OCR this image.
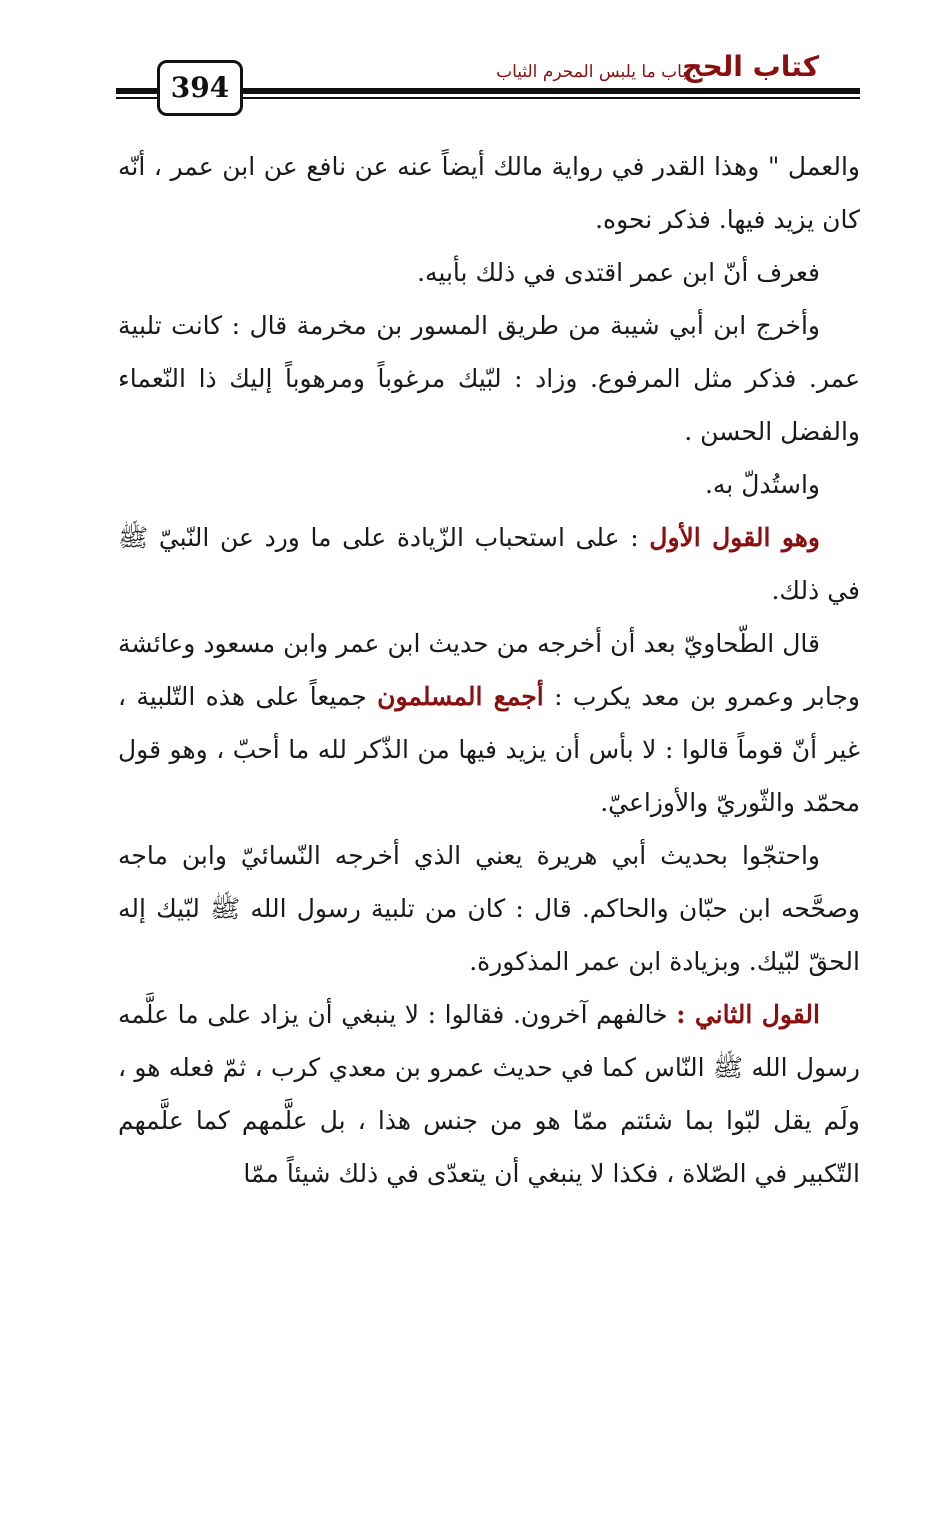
كتاب الحج
باب ما يلبس المحرم الثياب
394

والعمل " وهذا القدر في رواية مالك أيضاً عنه عن نافع عن ابن عمر ، أنّه كان يزيد فيها. فذكر نحوه.

فعرف أنّ ابن عمر اقتدى في ذلك بأبيه.

وأخرج ابن أبي شيبة من طريق المسور بن مخرمة قال : كانت تلبية عمر. فذكر مثل المرفوع. وزاد : لبّيك مرغوباً ومرهوباً إليك ذا النّعماء والفضل الحسن .

واستُدلّ به.

وهو القول الأول : على استحباب الزّيادة على ما ورد عن النّبيّ ﷺ في ذلك.

قال الطّحاويّ بعد أن أخرجه من حديث ابن عمر وابن مسعود وعائشة وجابر وعمرو بن معد يكرب : أجمع المسلمون جميعاً على هذه التّلبية ، غير أنّ قوماً قالوا : لا بأس أن يزيد فيها من الذّكر لله ما أحبّ ، وهو قول محمّد والثّوريّ والأوزاعيّ.

واحتجّوا بحديث أبي هريرة يعني الذي أخرجه النّسائيّ وابن ماجه وصحَّحه ابن حبّان والحاكم. قال : كان من تلبية رسول الله ﷺ لبّيك إله الحقّ لبّيك. وبزيادة ابن عمر المذكورة.

القول الثاني : خالفهم آخرون. فقالوا : لا ينبغي أن يزاد على ما علَّمه رسول الله ﷺ النّاس كما في حديث عمرو بن معدي كرب ، ثمّ فعله هو ، ولَم يقل لبّوا بما شئتم ممّا هو من جنس هذا ، بل علَّمهم كما علَّمهم التّكبير في الصّلاة ، فكذا لا ينبغي أن يتعدّى في ذلك شيئاً ممّا
